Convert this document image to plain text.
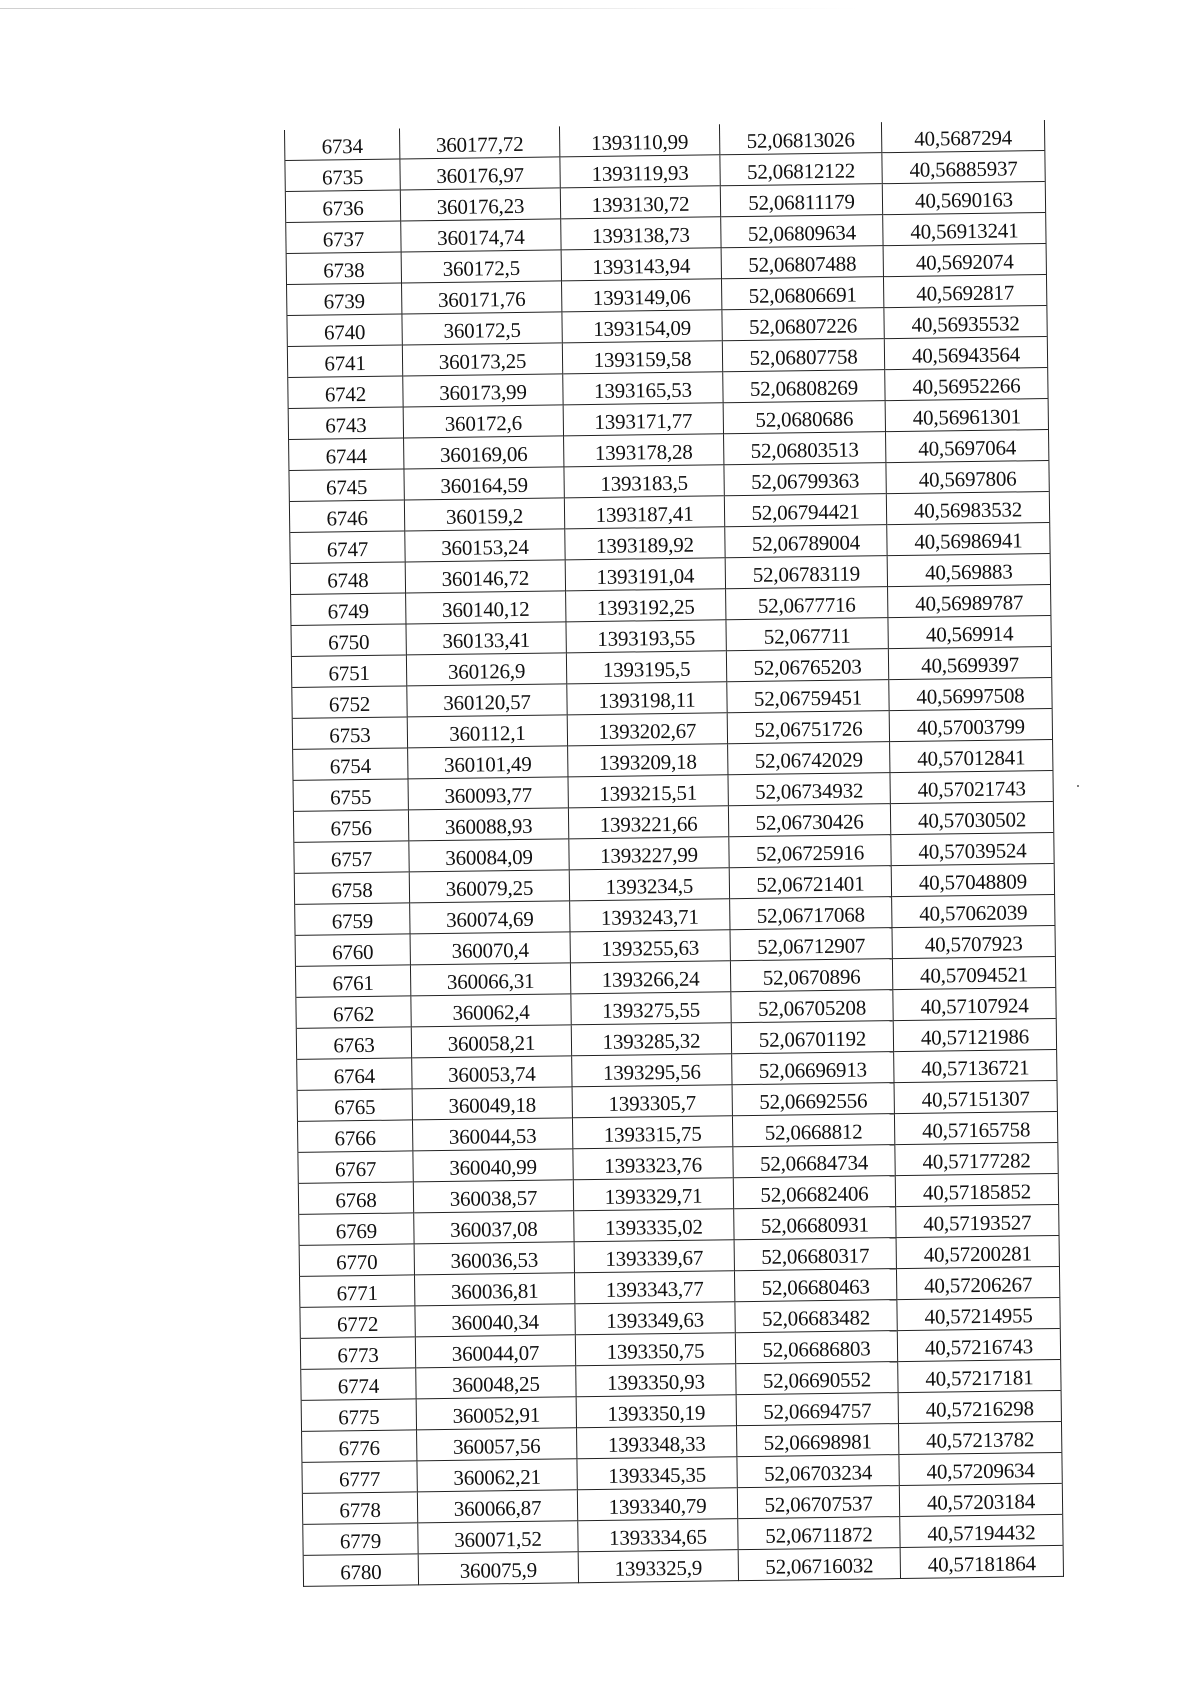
6734	360177,72	1393110,99	52,06813026	40,5687294
6735	360176,97	1393119,93	52,06812122	40,56885937
6736	360176,23	1393130,72	52,06811179	40,5690163
6737	360174,74	1393138,73	52,06809634	40,56913241
6738	360172,5	1393143,94	52,06807488	40,5692074
6739	360171,76	1393149,06	52,06806691	40,5692817
6740	360172,5	1393154,09	52,06807226	40,56935532
6741	360173,25	1393159,58	52,06807758	40,56943564
6742	360173,99	1393165,53	52,06808269	40,56952266
6743	360172,6	1393171,77	52,0680686	40,56961301
6744	360169,06	1393178,28	52,06803513	40,5697064
6745	360164,59	1393183,5	52,06799363	40,5697806
6746	360159,2	1393187,41	52,06794421	40,56983532
6747	360153,24	1393189,92	52,06789004	40,56986941
6748	360146,72	1393191,04	52,06783119	40,569883
6749	360140,12	1393192,25	52,0677716	40,56989787
6750	360133,41	1393193,55	52,067711	40,569914
6751	360126,9	1393195,5	52,06765203	40,5699397
6752	360120,57	1393198,11	52,06759451	40,56997508
6753	360112,1	1393202,67	52,06751726	40,57003799
6754	360101,49	1393209,18	52,06742029	40,57012841
6755	360093,77	1393215,51	52,06734932	40,57021743
6756	360088,93	1393221,66	52,06730426	40,57030502
6757	360084,09	1393227,99	52,06725916	40,57039524
6758	360079,25	1393234,5	52,06721401	40,57048809
6759	360074,69	1393243,71	52,06717068	40,57062039
6760	360070,4	1393255,63	52,06712907	40,5707923
6761	360066,31	1393266,24	52,0670896	40,57094521
6762	360062,4	1393275,55	52,06705208	40,57107924
6763	360058,21	1393285,32	52,06701192	40,57121986
6764	360053,74	1393295,56	52,06696913	40,57136721
6765	360049,18	1393305,7	52,06692556	40,57151307
6766	360044,53	1393315,75	52,0668812	40,57165758
6767	360040,99	1393323,76	52,06684734	40,57177282
6768	360038,57	1393329,71	52,06682406	40,57185852
6769	360037,08	1393335,02	52,06680931	40,57193527
6770	360036,53	1393339,67	52,06680317	40,57200281
6771	360036,81	1393343,77	52,06680463	40,57206267
6772	360040,34	1393349,63	52,06683482	40,57214955
6773	360044,07	1393350,75	52,06686803	40,57216743
6774	360048,25	1393350,93	52,06690552	40,57217181
6775	360052,91	1393350,19	52,06694757	40,57216298
6776	360057,56	1393348,33	52,06698981	40,57213782
6777	360062,21	1393345,35	52,06703234	40,57209634
6778	360066,87	1393340,79	52,06707537	40,57203184
6779	360071,52	1393334,65	52,06711872	40,57194432
6780	360075,9	1393325,9	52,06716032	40,57181864
